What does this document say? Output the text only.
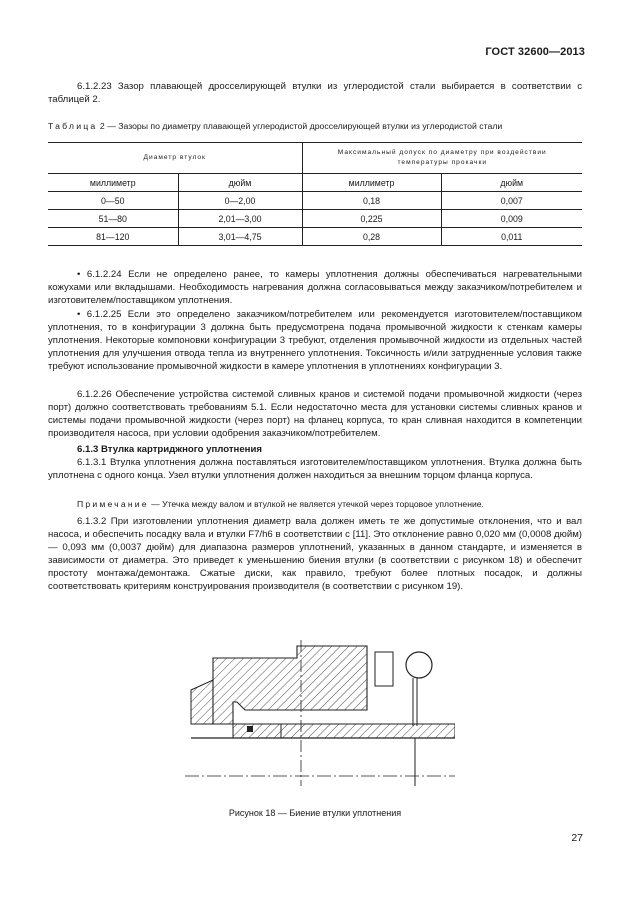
ГОСТ 32600—2013
6.1.2.23 Зазор плавающей дросселирующей втулки из углеродистой стали выбирается в соответствии с таблицей 2.
Таблица 2 — Зазоры по диаметру плавающей углеродистой дросселирующей втулки из углеродистой стали
Диаметр втулок		Максимальный допуск по диаметру при воздействии
температуры прокачки	

миллиметр	дюйм	миллиметр	дюйм
0—50	0—2,00	0,18	0,007
51—80	2,01—3,00	0,225	0,009
81—120	3,01—4,75	0,28	0,011
• 6.1.2.24 Если не определено ранее, то камеры уплотнения должны обеспечиваться нагревательными кожухами или вкладышами. Необходимость нагревания должна согласовываться между заказчиком/потребителем и изготовителем/поставщиком уплотнения.
• 6.1.2.25 Если это определено заказчиком/потребителем или рекомендуется изготовителем/поставщиком уплотнения, то в конфигурации 3 должна быть предусмотрена подача промывочной жидкости к стенкам камеры уплотнения. Некоторые компоновки конфигурации 3 требуют, отделения промывочной жидкости из отдельных частей уплотнения для улучшения отвода тепла из внутреннего уплотнения. Токсичность и/или затрудненные условия также требуют использование промывочной жидкости в камере уплотнения в уплотнениях конфигурации 3.
6.1.2.26 Обеспечение устройства системой сливных кранов и системой подачи промывочной жидкости (через порт) должно соответствовать требованиям 5.1. Если недостаточно места для установки системы сливных кранов и системы подачи промывочной жидкости (через порт) на фланец корпуса, то кран сливная находится в компетенции производителя насоса, при условии одобрения заказчиком/потребителем.
6.1.3 Втулка картриджного уплотнения
6.1.3.1 Втулка уплотнения должна поставляться изготовителем/поставщиком уплотнения. Втулка должна быть уплотнена с одного конца. Узел втулки уплотнения должен находиться за внешним торцом фланца корпуса.
Примечание — Утечка между валом и втулкой не является утечкой через торцовое уплотнение.
6.1.3.2 При изготовлении уплотнения диаметр вала должен иметь те же допустимые отклонения, что и вал насоса, и обеспечить посадку вала и втулки F7/h6 в соответствии с [11]. Это отклонение равно 0,020 мм (0,0008 дюйм) — 0,093 мм (0,0037 дюйм) для диапазона размеров уплотнений, указанных в данном стандарте, и изменяется в зависимости от диаметра. Это приведет к уменьшению биения втулки (в соответствии с рисунком 18) и обеспечит простоту монтажа/демонтажа. Сжатые диски, как правило, требуют более плотных посадок, и должны соответствовать критериям конструирования производителя (в соответствии с рисунком 19).
Рисунок 18 — Биение втулки уплотнения
27
